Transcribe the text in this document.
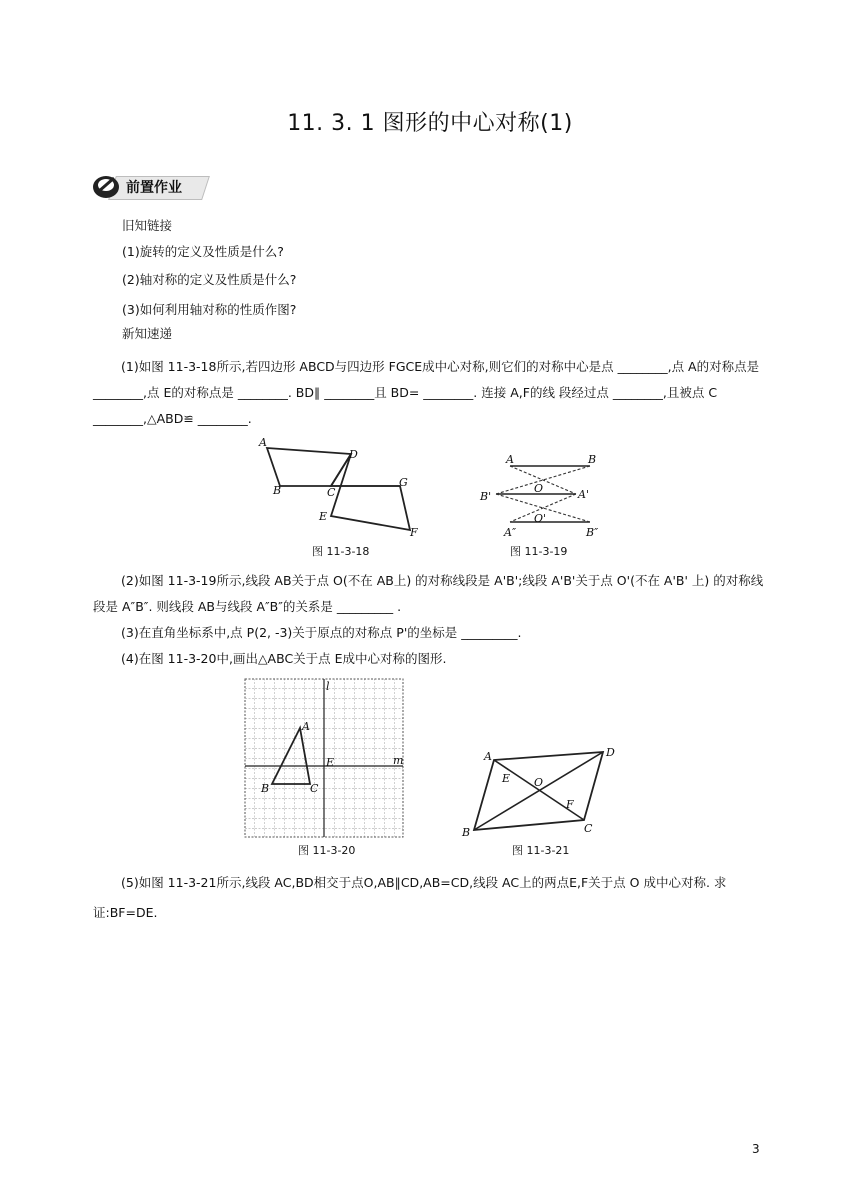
11. 3. 1 图形的中心对称(1)
前置作业
旧知链接
(1)旋转的定义及性质是什么?
(2)轴对称的定义及性质是什么?
(3)如何利用轴对称的性质作图?
新知速递
(1)如图 11-3-18所示,若四边形 ABCD与四边形 FGCE成中心对称,则它们的对称中心是点 ________,点 A的对称点是 ________,点 E的对称点是 ________. BD∥ ________且 BD= ________. 连接 A,F的线 段经过点 ________,且被点 C ________,△ABD≌ ________.
A
D
B	C
G
E
F
图 11-3-18
A	B
B'
O	A'
A″
O'
B″
图 11-3-19
(2)如图 11-3-19所示,线段 AB关于点 O(不在 AB上) 的对称线段是 A'B';线段 A'B'关于点 O'(不在 A'B' 上) 的对称线段是 A″B″. 则线段 AB与线段 A″B″的关系是 _________ .
(3)在直角坐标系中,点 P(2, -3)关于原点的对称点 P'的坐标是 _________.
(4)在图 11-3-20中,画出△ABC关于点 E成中心对称的图形.
l
A
E	m
B	C
图 11-3-20
A	D
E O
F
B	C
图 11-3-21
(5)如图 11-3-21所示,线段 AC,BD相交于点O,AB∥CD,AB=CD,线段 AC上的两点E,F关于点 O 成中心对称. 求证:BF=DE.
3
